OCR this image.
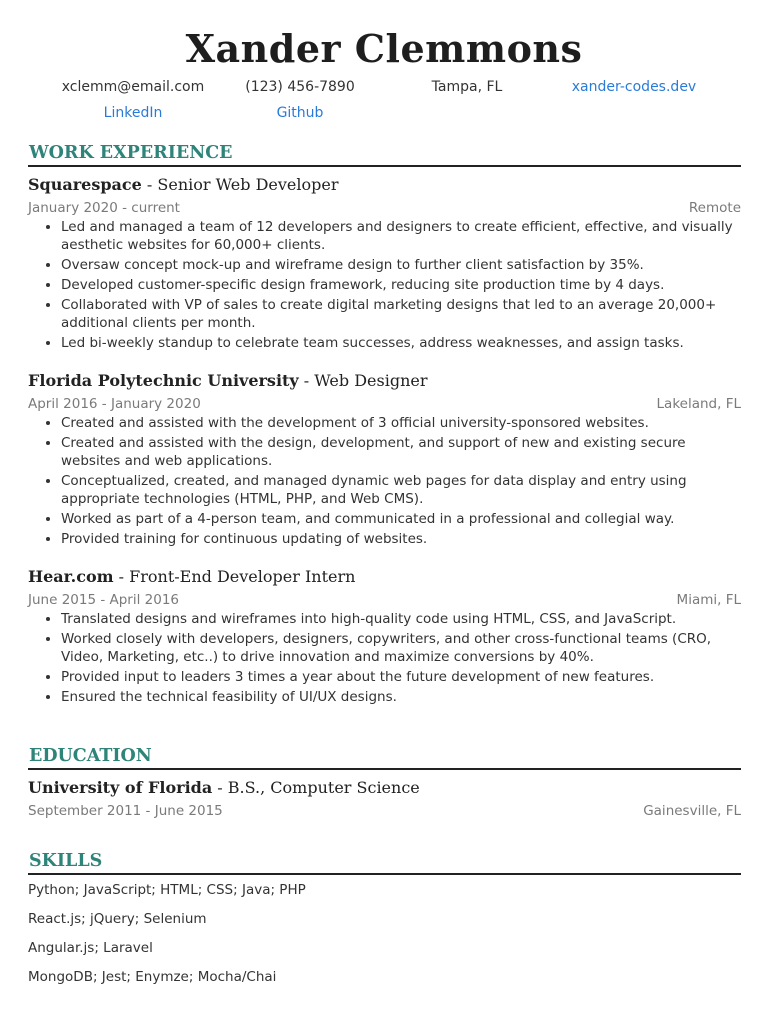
Xander Clemmons
xclemm@email.com	(123) 456-7890	Tampa, FL	xander-codes.dev
LinkedIn	Github
WORK EXPERIENCE
Squarespace - Senior Web Developer
January 2020 - current	Remote
• Led and managed a team of 12 developers and designers to create efficient, effective, and visually aesthetic websites for 60,000+ clients.
• Oversaw concept mock-up and wireframe design to further client satisfaction by 35%.
• Developed customer-specific design framework, reducing site production time by 4 days.
• Collaborated with VP of sales to create digital marketing designs that led to an average 20,000+ additional clients per month.
• Led bi-weekly standup to celebrate team successes, address weaknesses, and assign tasks.
Florida Polytechnic University - Web Designer
April 2016 - January 2020	Lakeland, FL
• Created and assisted with the development of 3 official university-sponsored websites.
• Created and assisted with the design, development, and support of new and existing secure websites and web applications.
• Conceptualized, created, and managed dynamic web pages for data display and entry using appropriate technologies (HTML, PHP, and Web CMS).
• Worked as part of a 4-person team, and communicated in a professional and collegial way.
• Provided training for continuous updating of websites.
Hear.com - Front-End Developer Intern
June 2015 - April 2016	Miami, FL
• Translated designs and wireframes into high-quality code using HTML, CSS, and JavaScript.
• Worked closely with developers, designers, copywriters, and other cross-functional teams (CRO, Video, Marketing, etc..) to drive innovation and maximize conversions by 40%.
• Provided input to leaders 3 times a year about the future development of new features.
• Ensured the technical feasibility of UI/UX designs.
EDUCATION
University of Florida - B.S., Computer Science
September 2011 - June 2015	Gainesville, FL
SKILLS
Python; JavaScript; HTML; CSS; Java; PHP
React.js; jQuery; Selenium
Angular.js; Laravel
MongoDB; Jest; Enymze; Mocha/Chai
